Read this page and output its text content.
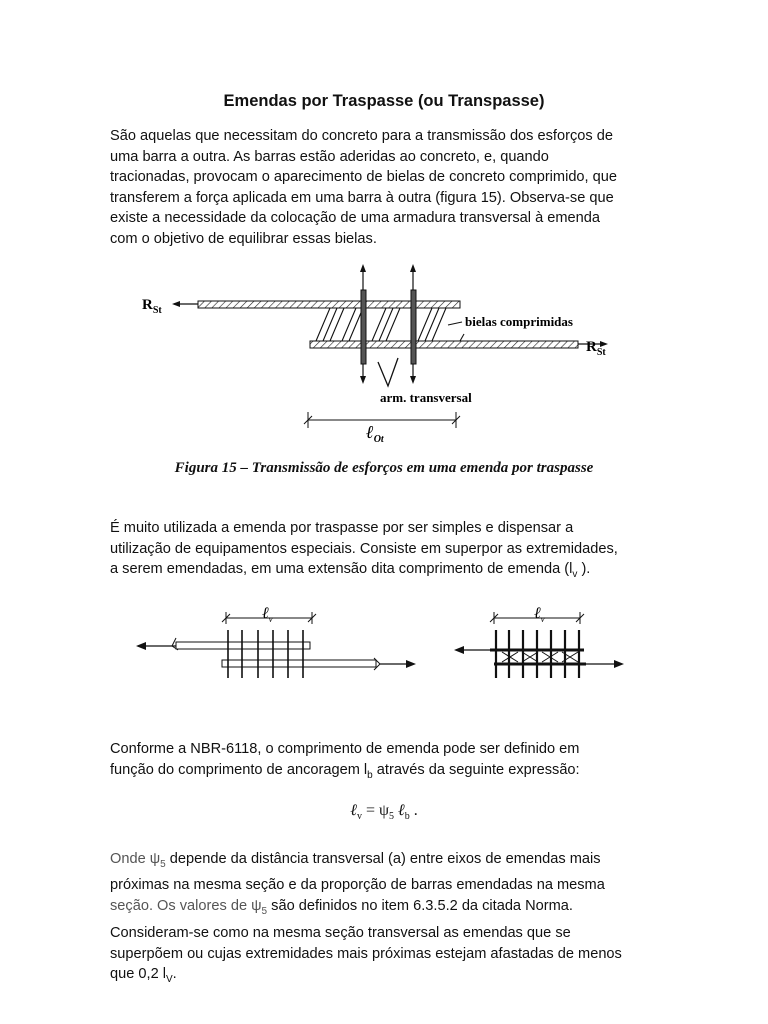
Emendas por Traspasse (ou Transpasse)
São aquelas que necessitam do concreto para a transmissão dos esforços de
uma barra a outra. As barras estão aderidas ao concreto, e, quando
tracionadas, provocam o aparecimento de bielas de concreto comprimido, que
transferem a força aplicada em uma barra à outra (figura 15). Observa-se que
existe a necessidade da colocação de uma armadura transversal à emenda
com o objetivo de equilibrar essas bielas.
$R_{St}$
$R_{St}$
bielas comprimidas
arm. transversal
ℓ$_{Ot}$
Figura 15 – Transmissão de esforços em uma emenda por traspasse
É muito utilizada a emenda por traspasse por ser simples e dispensar a
utilização de equipamentos especiais. Consiste em superpor as extremidades,
a serem emendadas, em uma extensão dita comprimento de emenda ($l_v$ ).
ℓ$_v$	ℓ$_v$
Conforme a NBR-6118, o comprimento de emenda pode ser definido em
função do comprimento de ancoragem $l_b$ através da seguinte expressão:
ℓ$_v$ = $\psi_5$ ℓ$_b$ .
Onde $\psi_5$ depende da distância transversal (a) entre eixos de emendas mais
próximas na mesma seção e da proporção de barras emendadas na mesma
seção. Os valores de $\psi_5$ são definidos no item 6.3.5.2 da citada Norma.
Consideram-se como na mesma seção transversal as emendas que se
superpõem ou cujas extremidades mais próximas estejam afastadas de menos
que 0,2 $l_V$.
